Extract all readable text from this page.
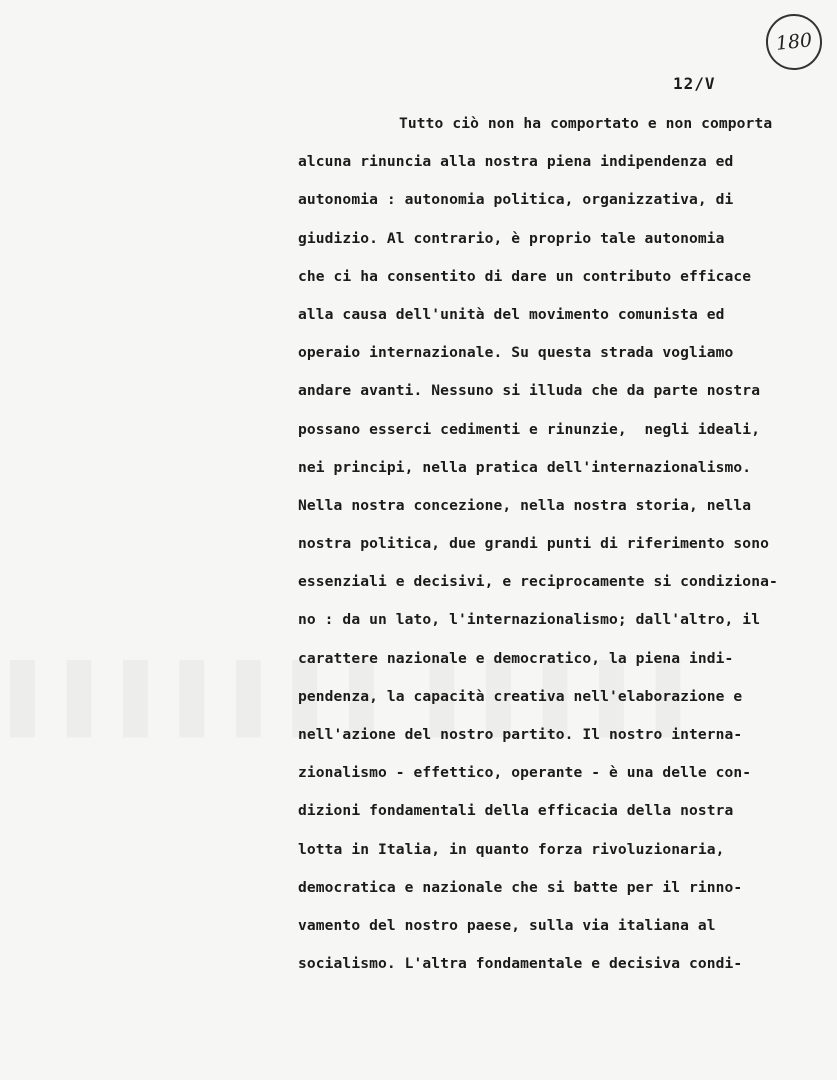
180
12/V
Tutto ciò non ha comportato e non comporta
alcuna rinuncia alla nostra piena indipendenza ed
autonomia : autonomia politica, organizzativa, di
giudizio. Al contrario, è proprio tale autonomia
che ci ha consentito di dare un contributo efficace
alla causa dell'unità del movimento comunista ed
operaio internazionale. Su questa strada vogliamo
andare avanti. Nessuno si illuda che da parte nostra
possano esserci cedimenti e rinunzie,  negli ideali,
nei principi, nella pratica dell'internazionalismo.
Nella nostra concezione, nella nostra storia, nella
nostra politica, due grandi punti di riferimento sono
essenziali e decisivi, e reciprocamente si condiziona-
no : da un lato, l'internazionalismo; dall'altro, il
carattere nazionale e democratico, la piena indi-
pendenza, la capacità creativa nell'elaborazione e
nell'azione del nostro partito. Il nostro interna-
zionalismo - effettico, operante - è una delle con-
dizioni fondamentali della efficacia della nostra
lotta in Italia, in quanto forza rivoluzionaria,
democratica e nazionale che si batte per il rinno-
vamento del nostro paese, sulla via italiana al
socialismo. L'altra fondamentale e decisiva condi-
